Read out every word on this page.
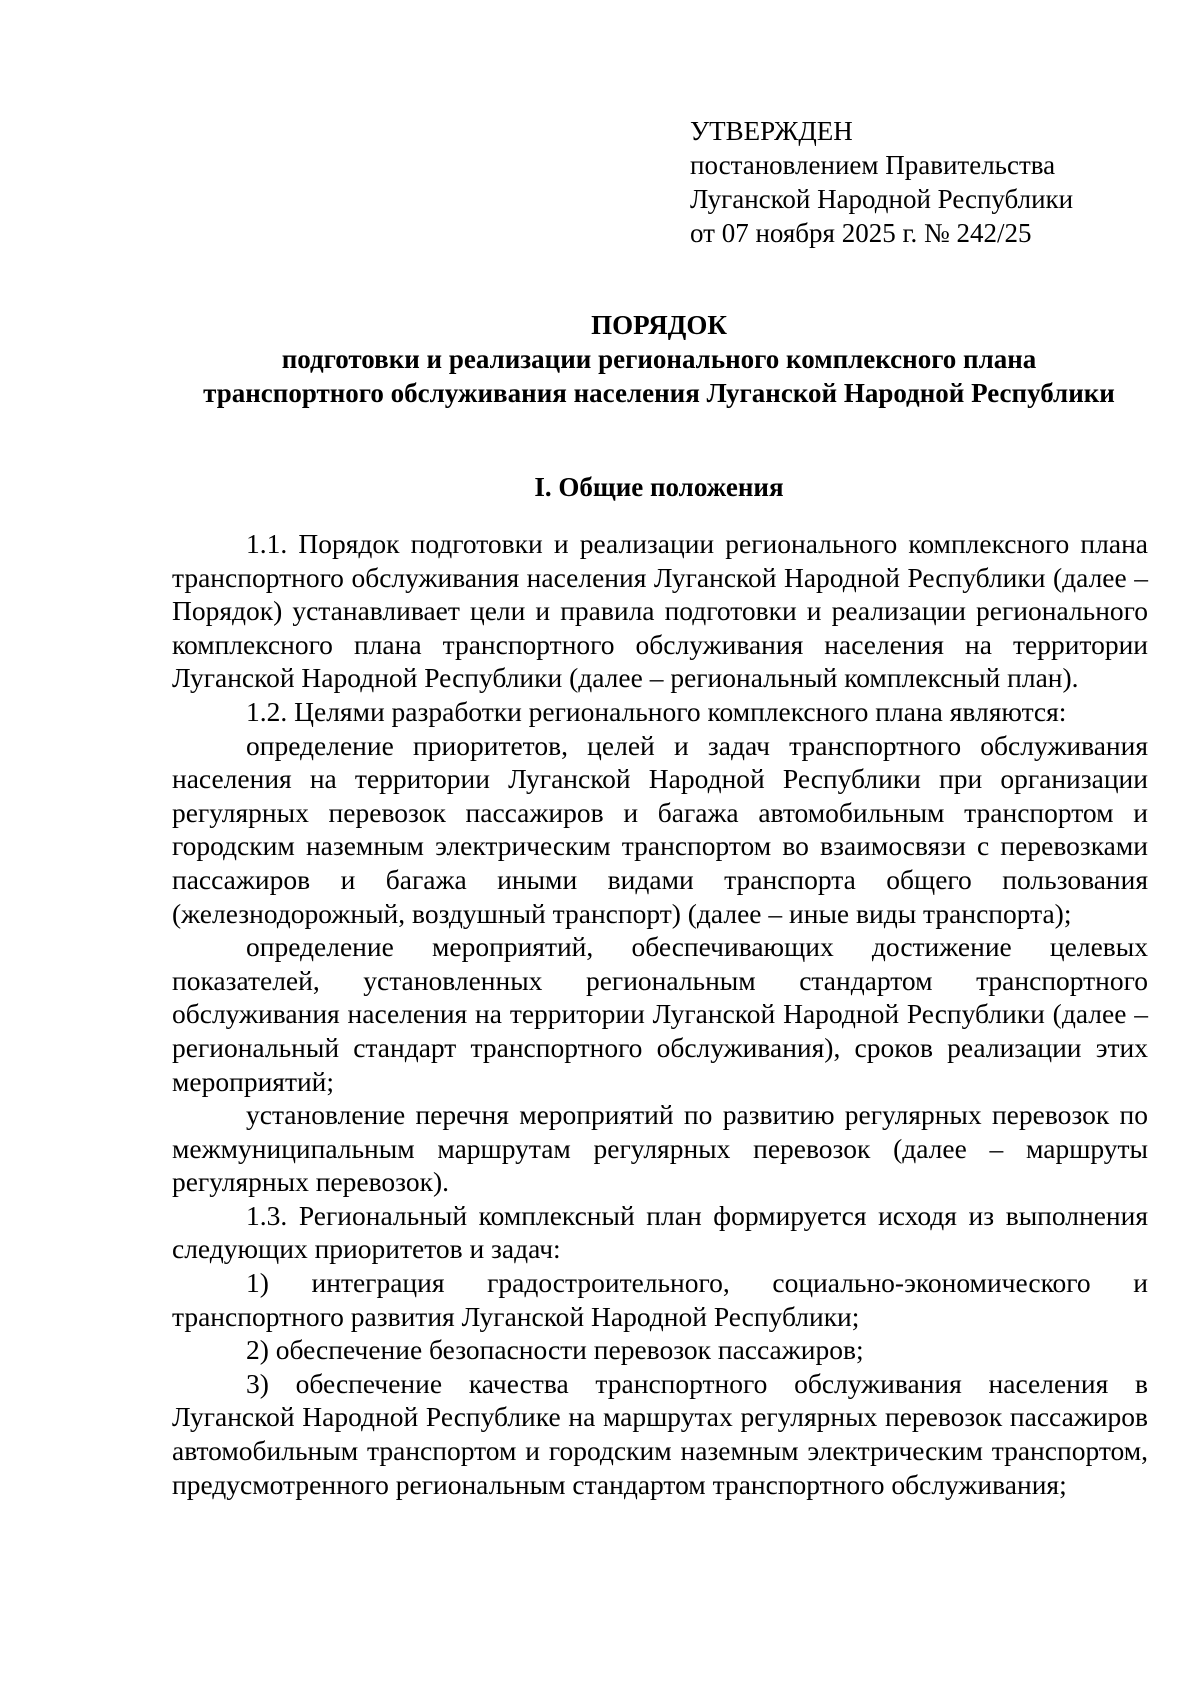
УТВЕРЖДЕН
постановлением Правительства
Луганской Народной Республики
от 07 ноября 2025 г. № 242/25
ПОРЯДОК
подготовки и реализации регионального комплексного плана
транспортного обслуживания населения Луганской Народной Республики
I. Общие положения

1.1. Порядок подготовки и реализации регионального комплексного плана транспортного обслуживания населения Луганской Народной Республики (далее – Порядок) устанавливает цели и правила подготовки и реализации регионального комплексного плана транспортного обслуживания населения на территории Луганской Народной Республики (далее – региональный комплексный план).

1.2. Целями разработки регионального комплексного плана являются:

определение приоритетов, целей и задач транспортного обслуживания населения на территории Луганской Народной Республики при организации регулярных перевозок пассажиров и багажа автомобильным транспортом и городским наземным электрическим транспортом во взаимосвязи с перевозками пассажиров и багажа иными видами транспорта общего пользования (железнодорожный, воздушный транспорт) (далее – иные виды транспорта);

определение мероприятий, обеспечивающих достижение целевых показателей, установленных региональным стандартом транспортного обслуживания населения на территории Луганской Народной Республики (далее – региональный стандарт транспортного обслуживания), сроков реализации этих мероприятий;

установление перечня мероприятий по развитию регулярных перевозок по межмуниципальным маршрутам регулярных перевозок (далее – маршруты регулярных перевозок).

1.3. Региональный комплексный план формируется исходя из выполнения следующих приоритетов и задач:

1) интеграция градостроительного, социально-экономического и транспортного развития Луганской Народной Республики;

2) обеспечение безопасности перевозок пассажиров;

3) обеспечение качества транспортного обслуживания населения в Луганской Народной Республике на маршрутах регулярных перевозок пассажиров автомобильным транспортом и городским наземным электрическим транспортом, предусмотренного региональным стандартом транспортного обслуживания;
